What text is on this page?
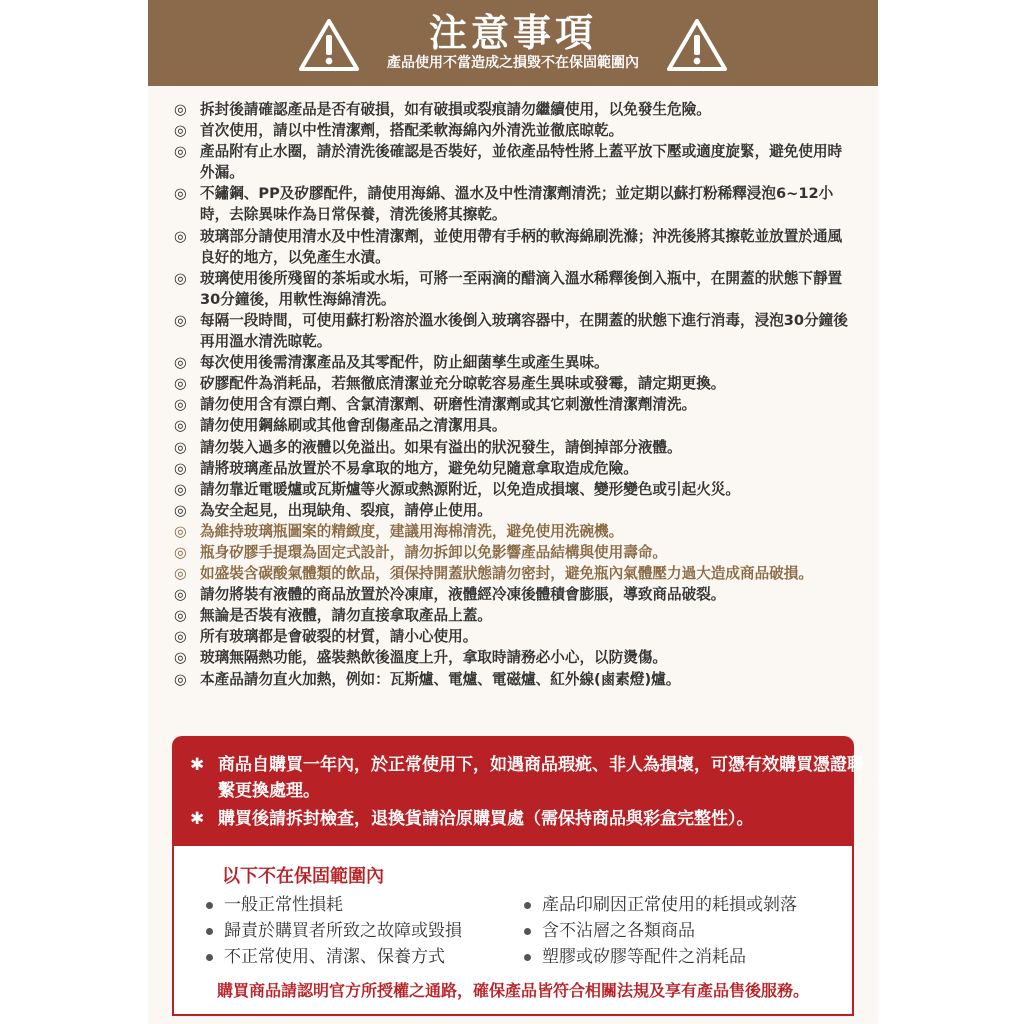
注意事項
產品使用不當造成之損毀不在保固範圍內
◎ 拆封後請確認產品是否有破損，如有破損或裂痕請勿繼續使用，以免發生危險。
◎ 首次使用，請以中性清潔劑，搭配柔軟海綿內外清洗並徹底晾乾。
◎ 產品附有止水圈，請於清洗後確認是否裝好，並依產品特性將上蓋平放下壓或適度旋緊，避免使用時外漏。
◎ 不鏽鋼、PP及矽膠配件，請使用海綿、溫水及中性清潔劑清洗；並定期以蘇打粉稀釋浸泡6~12小時，去除異味作為日常保養，清洗後將其擦乾。
◎ 玻璃部分請使用清水及中性清潔劑，並使用帶有手柄的軟海綿刷洗滌；沖洗後將其擦乾並放置於通風良好的地方，以免產生水漬。
◎ 玻璃使用後所殘留的茶垢或水垢，可將一至兩滴的醋滴入溫水稀釋後倒入瓶中，在開蓋的狀態下靜置30分鐘後，用軟性海綿清洗。
◎ 每隔一段時間，可使用蘇打粉溶於溫水後倒入玻璃容器中，在開蓋的狀態下進行消毒，浸泡30分鐘後再用溫水清洗晾乾。
◎ 每次使用後需清潔產品及其零配件，防止細菌孳生或產生異味。
◎ 矽膠配件為消耗品，若無徹底清潔並充分晾乾容易產生異味或發霉，請定期更換。
◎ 請勿使用含有漂白劑、含氯清潔劑、研磨性清潔劑或其它刺激性清潔劑清洗。
◎ 請勿使用鋼絲刷或其他會刮傷產品之清潔用具。
◎ 請勿裝入過多的液體以免溢出。如果有溢出的狀況發生，請倒掉部分液體。
◎ 請將玻璃產品放置於不易拿取的地方，避免幼兒隨意拿取造成危險。
◎ 請勿靠近電暖爐或瓦斯爐等火源或熱源附近，以免造成損壞、變形變色或引起火災。
◎ 為安全起見，出現缺角、裂痕，請停止使用。
◎ 為維持玻璃瓶圖案的精緻度，建議用海棉清洗，避免使用洗碗機。
◎ 瓶身矽膠手提環為固定式設計，請勿拆卸以免影響產品結構與使用壽命。
◎ 如盛裝含碳酸氣體類的飲品，須保持開蓋狀態請勿密封，避免瓶內氣體壓力過大造成商品破損。
◎ 請勿將裝有液體的商品放置於冷凍庫，液體經冷凍後體積會膨脹，導致商品破裂。
◎ 無論是否裝有液體，請勿直接拿取產品上蓋。
◎ 所有玻璃都是會破裂的材質，請小心使用。
◎ 玻璃無隔熱功能，盛裝熱飲後溫度上升，拿取時請務必小心，以防燙傷。
◎ 本產品請勿直火加熱，例如：瓦斯爐、電爐、電磁爐、紅外線(鹵素燈)爐。
✱ 商品自購買一年內，於正常使用下，如遇商品瑕疵、非人為損壞，可憑有效購買憑證聯繫更換處理。
✱ 購買後請拆封檢查，退換貨請洽原購買處（需保持商品與彩盒完整性）。
以下不在保固範圍內
一般正常性損耗
歸責於購買者所致之故障或毀損
不正常使用、清潔、保養方式
產品印刷因正常使用的耗損或剝落
含不沾層之各類商品
塑膠或矽膠等配件之消耗品
購買商品請認明官方所授權之通路，確保產品皆符合相關法規及享有產品售後服務。
